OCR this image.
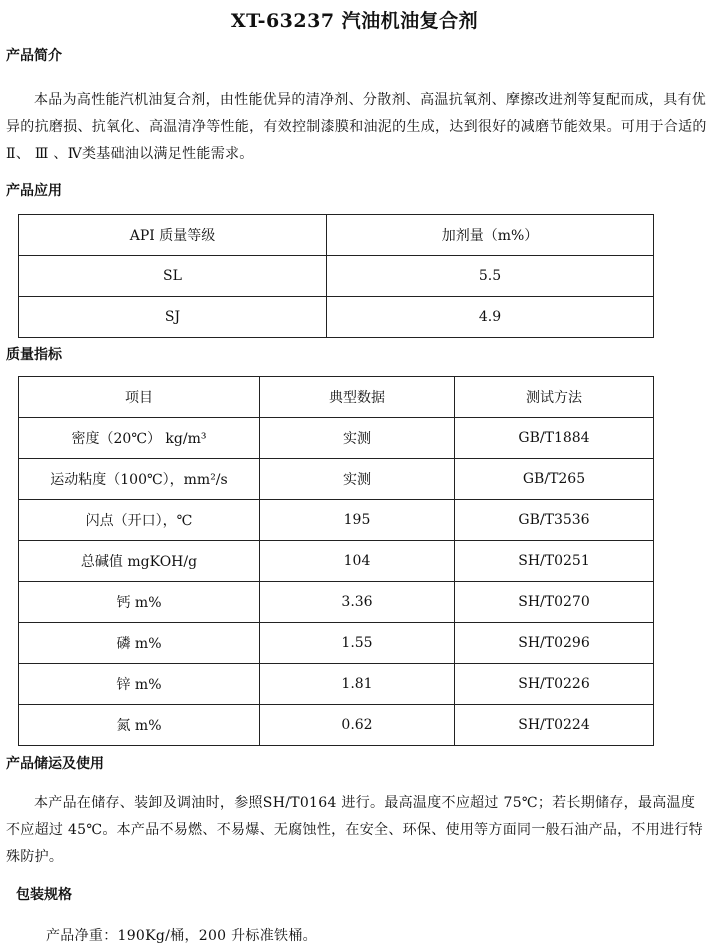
XT-63237 汽油机油复合剂
产品简介
本品为高性能汽机油复合剂，由性能优异的清净剂、分散剂、高温抗氧剂、摩擦改进剂等复配而成，具有优异的抗磨损、抗氧化、高温清净等性能，有效控制漆膜和油泥的生成，达到很好的减磨节能效果。可用于合适的Ⅱ、 Ⅲ 、Ⅳ类基础油以满足性能需求。
产品应用
API 质量等级	加剂量（m%）
SL	5.5
SJ	4.9
质量指标
项目	典型数据	测试方法
密度（20℃） kg/m³	实测	GB/T1884
运动粘度（100℃），mm²/s	实测	GB/T265
闪点（开口），℃	195	GB/T3536
总碱值 mgKOH/g	104	SH/T0251
钙 m%	3.36	SH/T0270
磷 m%	1.55	SH/T0296
锌 m%	1.81	SH/T0226
氮 m%	0.62	SH/T0224
产品储运及使用
本产品在储存、装卸及调油时，参照SH/T0164 进行。最高温度不应超过 75℃；若长期储存，最高温度不应超过 45℃。本产品不易燃、不易爆、无腐蚀性，在安全、环保、使用等方面同一般石油产品，不用进行特殊防护。
包装规格
产品净重：190Kg/桶，200 升标准铁桶。
